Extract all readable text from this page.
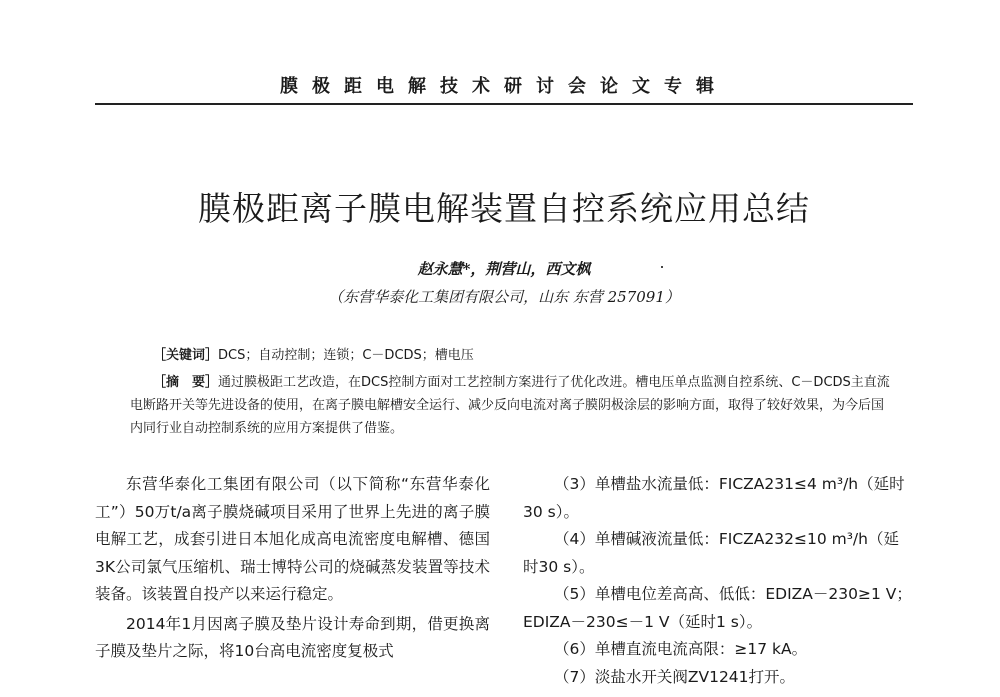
膜极距电解技术研讨会论文专辑
膜极距离子膜电解装置自控系统应用总结
赵永慧*，荆营山，西文枫
（东营华泰化工集团有限公司，山东 东营 257091）
［关键词］DCS；自动控制；连锁；C－DCDS；槽电压
［摘　要］通过膜极距工艺改造，在DCS控制方面对工艺控制方案进行了优化改进。槽电压单点监测自控系统、C－DCDS主直流电断路开关等先进设备的使用，在离子膜电解槽安全运行、减少反向电流对离子膜阴极涂层的影响方面，取得了较好效果，为今后国内同行业自动控制系统的应用方案提供了借鉴。

东营华泰化工集团有限公司（以下简称“东营华泰化工”）50万t/a离子膜烧碱项目采用了世界上先进的离子膜电解工艺，成套引进日本旭化成高电流密度电解槽、德国3K公司氯气压缩机、瑞士博特公司的烧碱蒸发装置等技术装备。该装置自投产以来运行稳定。

2014年1月因离子膜及垫片设计寿命到期，借更换离子膜及垫片之际，将10台高电流密度复极式

（3）单槽盐水流量低：FICZA231≤4 m³/h（延时

30 s）。

（4）单槽碱液流量低：FICZA232≤10 m³/h（延

时30 s）。

（5）单槽电位差高高、低低：EDIZA－230≥1 V；

EDIZA－230≤－1 V（延时1 s）。

（6）单槽直流电流高限：≥17 kA。

（7）淡盐水开关阀ZV1241打开。
